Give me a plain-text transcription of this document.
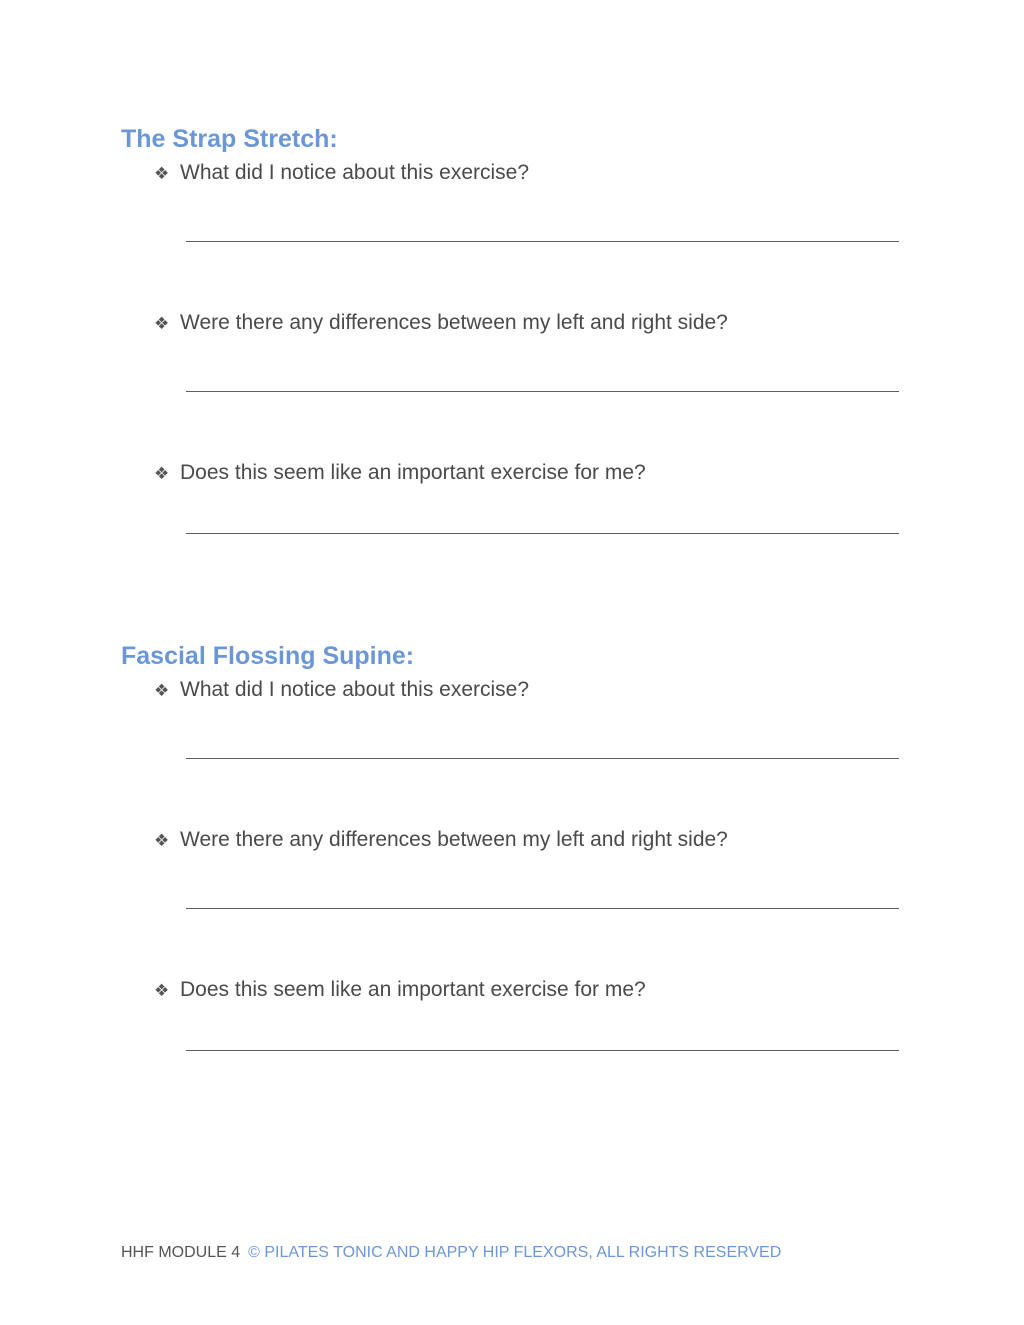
The Strap Stretch:
❖ What did I notice about this exercise?
❖ Were there any differences between my left and right side?
❖ Does this seem like an important exercise for me?
Fascial Flossing Supine:
❖ What did I notice about this exercise?
❖ Were there any differences between my left and right side?
❖ Does this seem like an important exercise for me?
HHF MODULE 4 © PILATES TONIC AND HAPPY HIP FLEXORS, ALL RIGHTS RESERVED
